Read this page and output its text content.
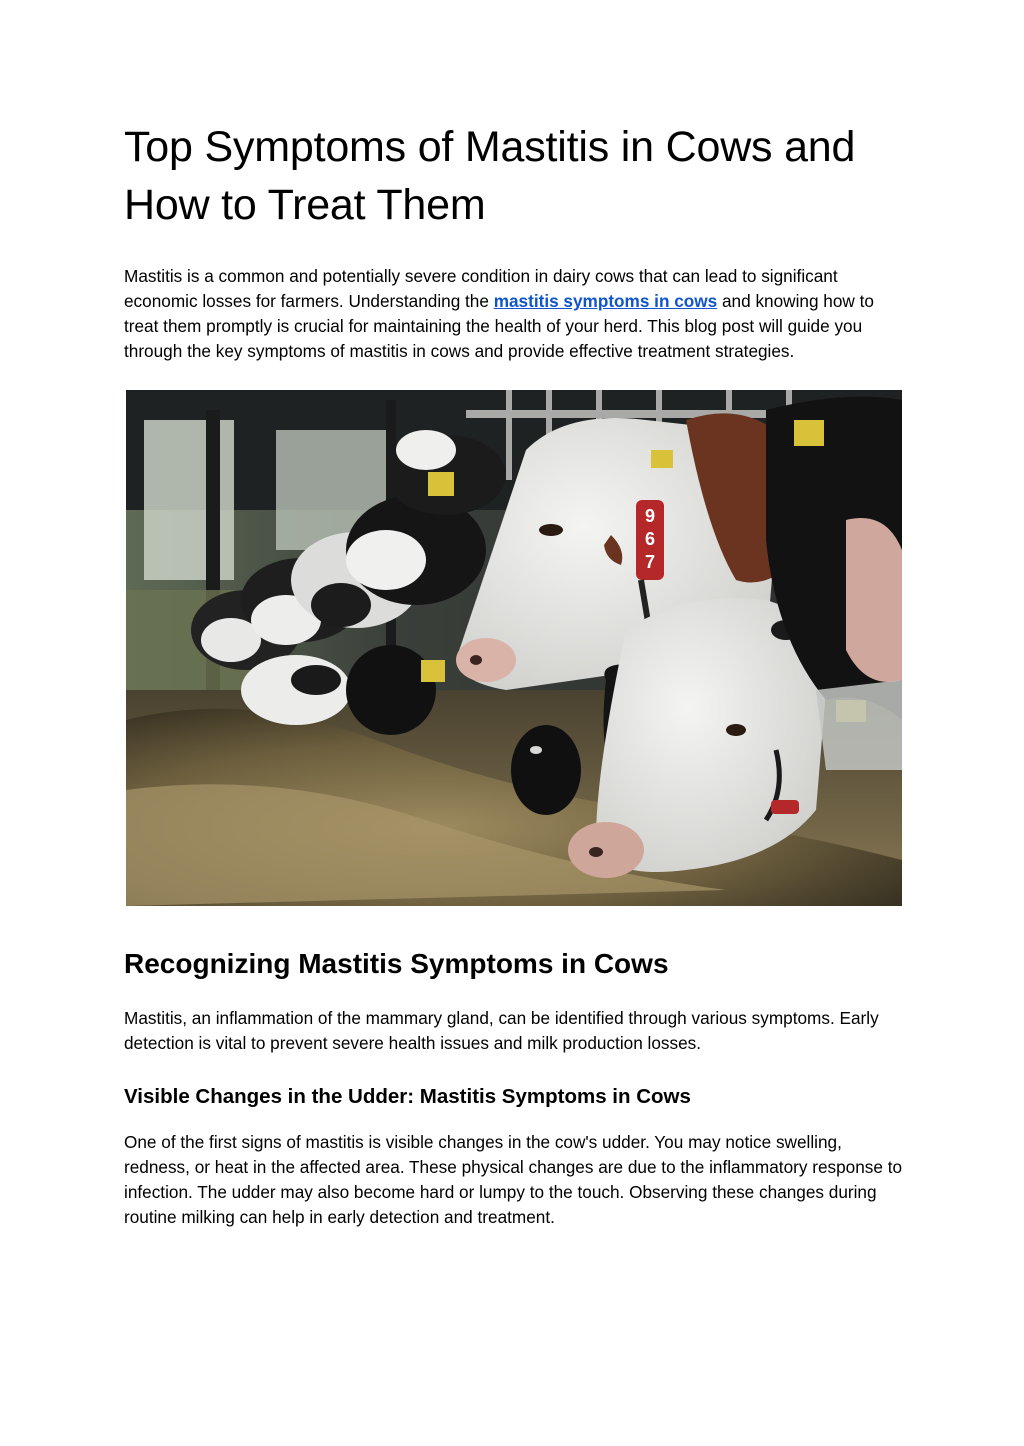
Top Symptoms of Mastitis in Cows and
How to Treat Them

Mastitis is a common and potentially severe condition in dairy cows that can lead to significant economic losses for farmers. Understanding the mastitis symptoms in cows and knowing how to treat them promptly is crucial for maintaining the health of your herd. This blog post will guide you through the key symptoms of mastitis in cows and provide effective treatment strategies.

9
6
7
Recognizing Mastitis Symptoms in Cows

Mastitis, an inflammation of the mammary gland, can be identified through various symptoms. Early detection is vital to prevent severe health issues and milk production losses.

Visible Changes in the Udder: Mastitis Symptoms in Cows

One of the first signs of mastitis is visible changes in the cow's udder. You may notice swelling, redness, or heat in the affected area. These physical changes are due to the inflammatory response to infection. The udder may also become hard or lumpy to the touch. Observing these changes during routine milking can help in early detection and treatment.
